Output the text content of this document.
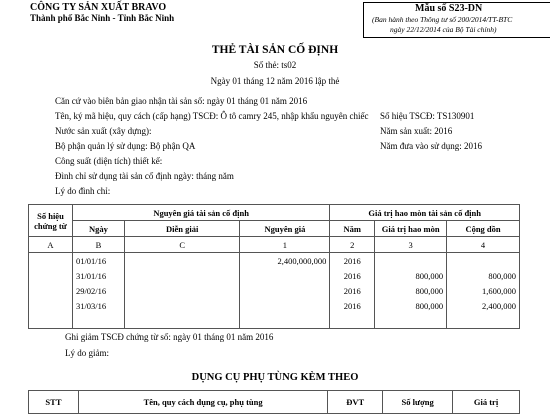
CÔNG TY SẢN XUẤT BRAVO
Thành phố Bắc Ninh - Tỉnh Bắc Ninh
Mẫu số S23-DN
(Ban hành theo Thông tư số 200/2014/TT-BTC
ngày 22/12/2014 của Bộ Tài chính)
THẺ TÀI SẢN CỐ ĐỊNH
Số thẻ: ts02
Ngày 01 tháng 12 năm 2016 lập thẻ
Căn cứ vào biên bản giao nhận tài sản số: ngày 01 tháng 01 năm 2016
Tên, ký mã hiệu, quy cách (cấp hạng) TSCĐ: Ô tô camry 245, nhập khẩu nguyên chiếc Số hiệu TSCĐ: TS130901
Nước sản xuất (xây dựng):	Năm sản xuất: 2016
Bộ phận quản lý sử dụng: Bộ phận QA	Năm đưa vào sử dụng: 2016
Công suất (diện tích) thiết kế:
Đình chỉ sử dụng tài sản cố định ngày: tháng năm
Lý do đình chỉ:
Số hiệu chứng từ	Nguyên giá tài sản cố định			Giá trị hao mòn tài sản cố định		
	Ngày	Diễn giải	Nguyên giá	Năm	Giá trị hao mòn	Cộng dồn
A	B	C	1	2	3	4
	01/01/16		2,400,000,000	2016		
	31/01/16			2016	800,000	800,000
	29/02/16			2016	800,000	1,600,000
	31/03/16			2016	800,000	2,400,000

Ghi giảm TSCĐ chứng từ số: ngày 01 tháng 01 năm 2016
Lý do giảm:
DỤNG CỤ PHỤ TÙNG KÈM THEO
STT	Tên, quy cách dụng cụ, phụ tùng	ĐVT	Số lượng	Giá trị
